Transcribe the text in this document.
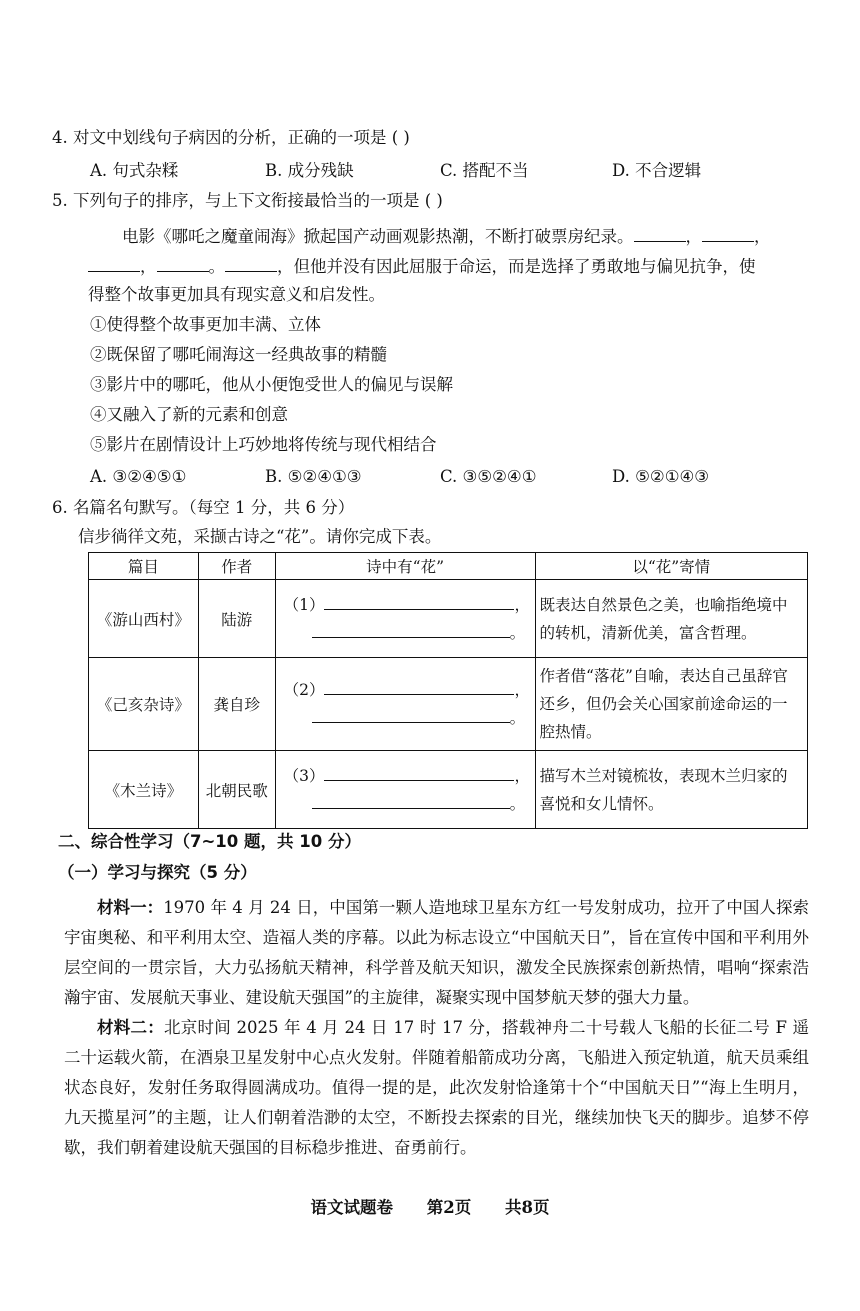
4. 对文中划线句子病因的分析，正确的一项是 ( )
A. 句式杂糅	B. 成分残缺	C. 搭配不当	D. 不合逻辑
5. 下列句子的排序，与上下文衔接最恰当的一项是 ( )
电影《哪吒之魔童闹海》掀起国产动画观影热潮，不断打破票房纪录。	，	，
，	。	，但他并没有因此屈服于命运，而是选择了勇敢地与偏见抗争，使
得整个故事更加具有现实意义和启发性。
①使得整个故事更加丰满、立体
②既保留了哪吒闹海这一经典故事的精髓
③影片中的哪吒，他从小便饱受世人的偏见与误解
④又融入了新的元素和创意
⑤影片在剧情设计上巧妙地将传统与现代相结合
A. ③②④⑤①	B. ⑤②④①③	C. ③⑤②④①	D. ⑤②①④③
6. 名篇名句默写。（每空 1 分，共 6 分）
信步徜徉文苑，采撷古诗之“花”。请你完成下表。
篇目	作者	诗中有“花”	以“花”寄情
《游山西村》	陆游	（1） ，
。	既表达自然景色之美，也喻指绝境中的转机，清新优美，富含哲理。
《己亥杂诗》	龚自珍	（2） ，
。	作者借“落花”自喻，表达自己虽辞官还乡，但仍会关心国家前途命运的一腔热情。
《木兰诗》	北朝民歌	（3） ，
。	描写木兰对镜梳妆，表现木兰归家的喜悦和女儿情怀。
二、综合性学习（7~10 题，共 10 分）
（一）学习与探究（5 分）
材料一：1970 年 4 月 24 日，中国第一颗人造地球卫星东方红一号发射成功，拉开了中国人探索宇宙奥秘、和平利用太空、造福人类的序幕。以此为标志设立“中国航天日”，旨在宣传中国和平利用外层空间的一贯宗旨，大力弘扬航天精神，科学普及航天知识，激发全民族探索创新热情，唱响“探索浩瀚宇宙、发展航天事业、建设航天强国”的主旋律，凝聚实现中国梦航天梦的强大力量。
材料二：北京时间 2025 年 4 月 24 日 17 时 17 分，搭载神舟二十号载人飞船的长征二号 F 遥二十运载火箭，在酒泉卫星发射中心点火发射。伴随着船箭成功分离，飞船进入预定轨道，航天员乘组状态良好，发射任务取得圆满成功。值得一提的是，此次发射恰逢第十个“中国航天日”“海上生明月，九天揽星河”的主题，让人们朝着浩渺的太空，不断投去探索的目光，继续加快飞天的脚步。追梦不停歇，我们朝着建设航天强国的目标稳步推进、奋勇前行。
语文试题卷 第2页 共8页
